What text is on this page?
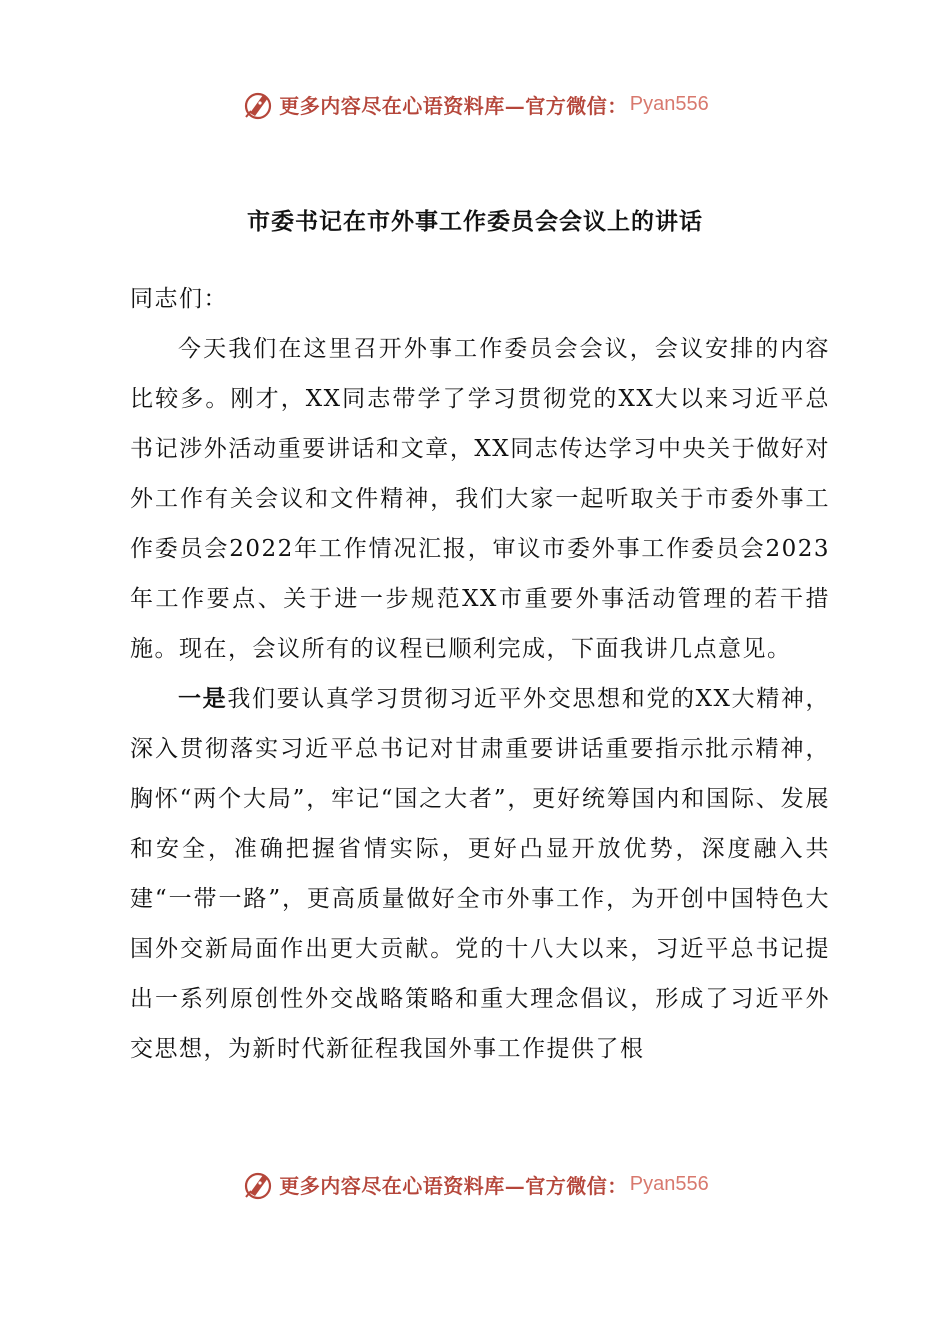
更多内容尽在心语资料库—官方微信： Pyan556
市委书记在市外事工作委员会会议上的讲话

同志们：

今天我们在这里召开外事工作委员会会议，会议安排的内容比较多。刚才，XX同志带学了学习贯彻党的XX大以来习近平总书记涉外活动重要讲话和文章，XX同志传达学习中央关于做好对外工作有关会议和文件精神，我们大家一起听取关于市委外事工作委员会2022年工作情况汇报，审议市委外事工作委员会2023年工作要点、关于进一步规范XX市重要外事活动管理的若干措施。现在，会议所有的议程已顺利完成，下面我讲几点意见。

一是我们要认真学习贯彻习近平外交思想和党的XX大精神，深入贯彻落实习近平总书记对甘肃重要讲话重要指示批示精神，胸怀“两个大局”，牢记“国之大者”，更好统筹国内和国际、发展和安全，准确把握省情实际，更好凸显开放优势，深度融入共建“一带一路”，更高质量做好全市外事工作，为开创中国特色大国外交新局面作出更大贡献。党的十八大以来，习近平总书记提出一系列原创性外交战略策略和重大理念倡议，形成了习近平外交思想，为新时代新征程我国外事工作提供了根

更多内容尽在心语资料库—官方微信： Pyan556
